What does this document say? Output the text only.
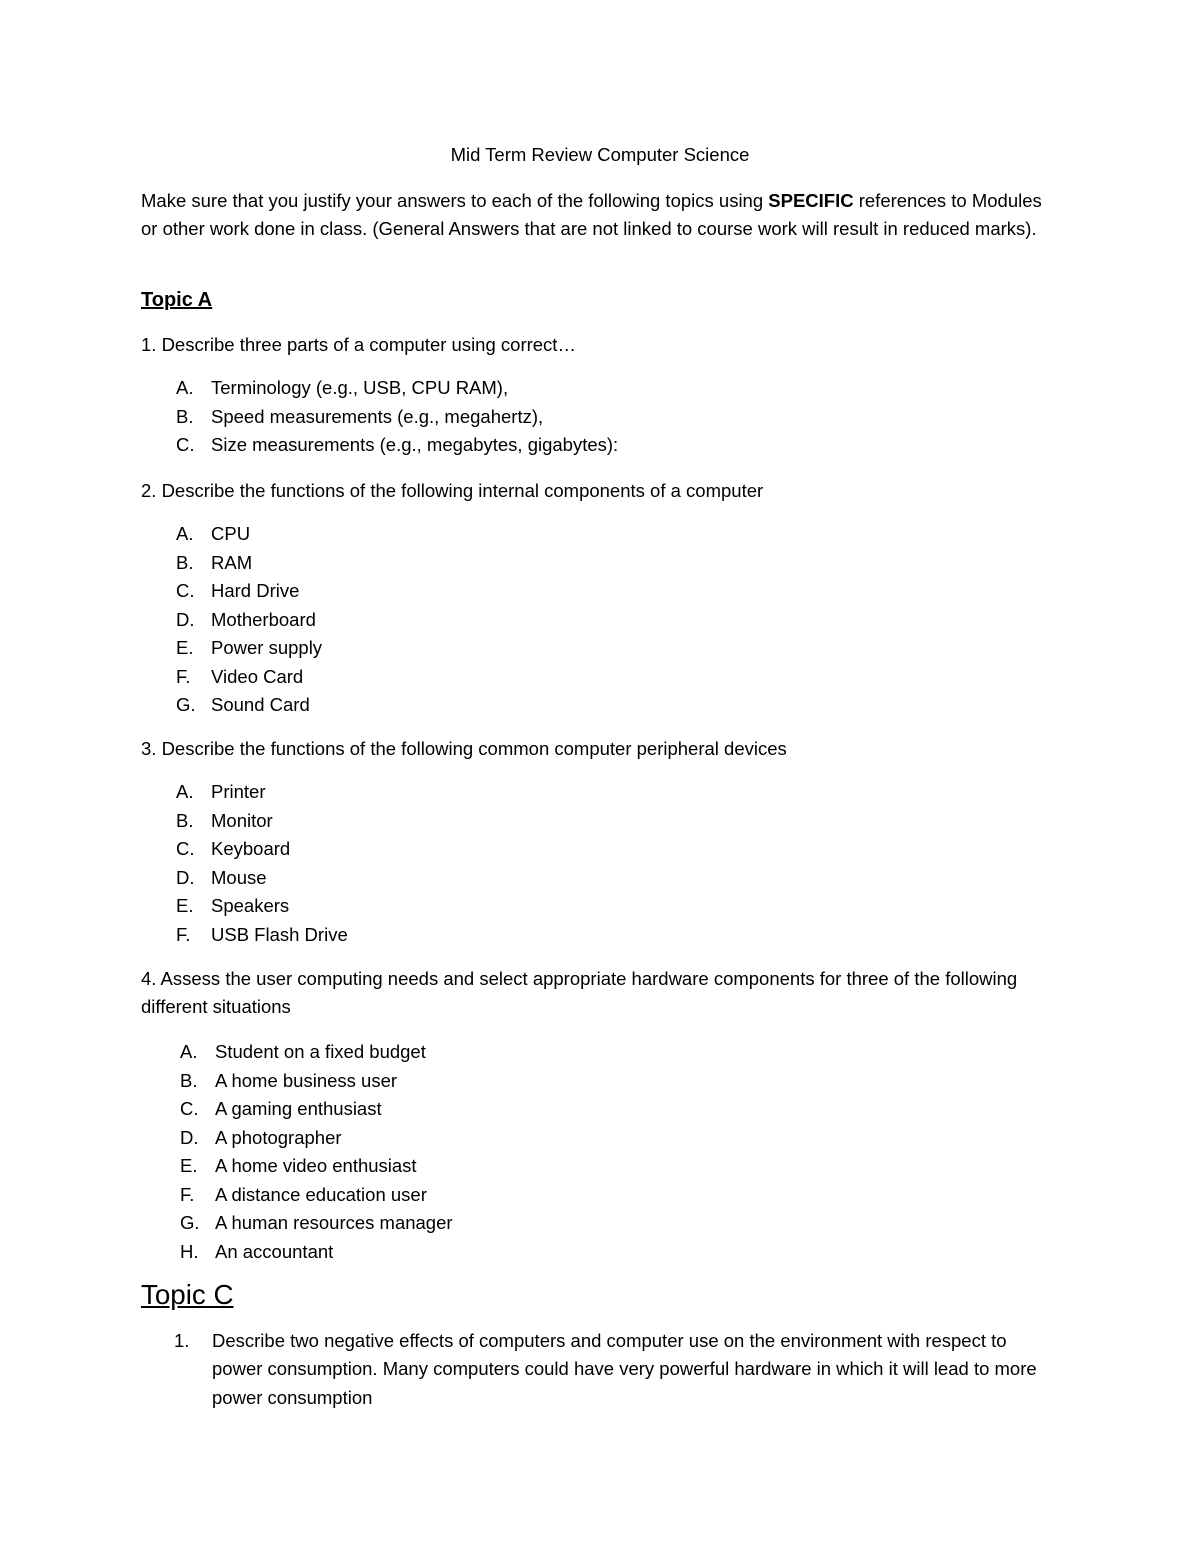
Mid Term Review Computer Science

Make sure that you justify your answers to each of the following topics using SPECIFIC references to Modules or other work done in class. (General Answers that are not linked to course work will result in reduced marks).

Topic A

1. Describe three parts of a computer using correct…

A. Terminology (e.g., USB, CPU RAM),
B. Speed measurements (e.g., megahertz),
C. Size measurements (e.g., megabytes, gigabytes):

2. Describe the functions of the following internal components of a computer

A. CPU
B. RAM
C. Hard Drive
D. Motherboard
E. Power supply
F. Video Card
G. Sound Card

3. Describe the functions of the following common computer peripheral devices

A. Printer
B. Monitor
C. Keyboard
D. Mouse
E. Speakers
F. USB Flash Drive

4. Assess the user computing needs and select appropriate hardware components for three of the following different situations

A. Student on a fixed budget
B. A home business user
C. A gaming enthusiast
D. A photographer
E. A home video enthusiast
F. A distance education user
G. A human resources manager
H. An accountant
Topic C
1. Describe two negative effects of computers and computer use on the environment with respect to power consumption. Many computers could have very powerful hardware in which it will lead to more power consumption
